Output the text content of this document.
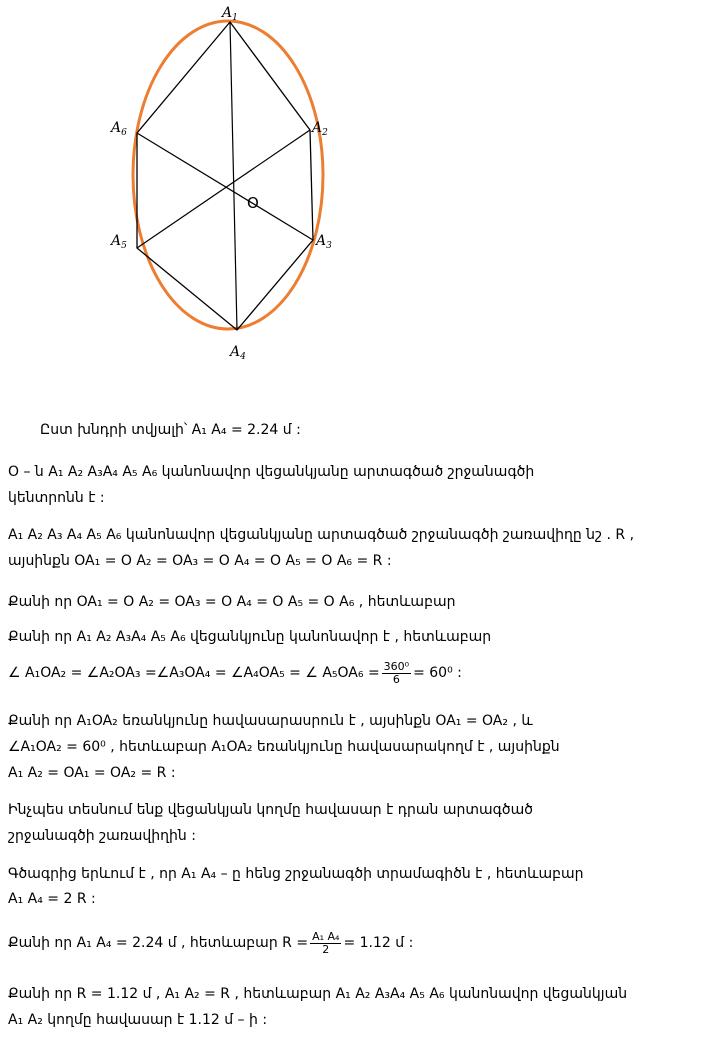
$A_1$
$A_2$
$A_3$
$A_4$
$A_5$
$A_6$
O
Ըստ խնդրի տվյալի՝ A₁ A₄ = 2.24 մ :
O – ն A₁ A₂ A₃A₄ A₅ A₆ կանոնավոր վեցանկյանը արտագծած շրջանագծի
կենտրոնն է :
A₁ A₂ A₃ A₄ A₅ A₆ կանոնավոր վեցանկյանը արտագծած շրջանագծի շառավիղը նշ . R ,
այսինքն OA₁ = O A₂ = OA₃ = O A₄ = O A₅ = O A₆ = R :
Քանի որ OA₁ = O A₂ = OA₃ = O A₄ = O A₅ = O A₆ , հետևաբար
Քանի որ A₁ A₂ A₃A₄ A₅ A₆ վեցանկյունը կանոնավոր է , հետևաբար
∠ A₁OA₂ = ∠A₂OA₃ =∠A₃OA₄ = ∠A₄OA₅ = ∠ $A_5OA_6 = \frac{\text{360⁰}}{6} = 60^0$ :
Քանի որ A₁OA₂ եռանկյունը հավասարասրուն է , այսինքն OA₁ = OA₂ , և
∠A₁OA₂ = 60⁰ , հետևաբար A₁OA₂ եռանկյունը հավասարակողմ է , այսինքն
A₁ A₂ = OA₁ = OA₂ = R :
Ինչպես տեսնում ենք վեցանկյան կողմը հավասար է դրան արտագծած
շրջանագծի շառավիղին :
Գծագրից երևում է , որ A₁ A₄ – ը հենց շրջանագծի տրամագիծն է , հետևաբար
A₁ A₄ = 2 R :
Քանի որ A₁ A₄ = 2.24 մ , հետևաբար $R = \frac{\text{A₁ A₄}}{2} = 1.12$ մ :
Քանի որ R = 1.12 մ , A₁ A₂ = R , հետևաբար A₁ A₂ A₃A₄ A₅ A₆ կանոնավոր վեցանկյան
A₁ A₂ կողմը հավասար է 1.12 մ – ի :
